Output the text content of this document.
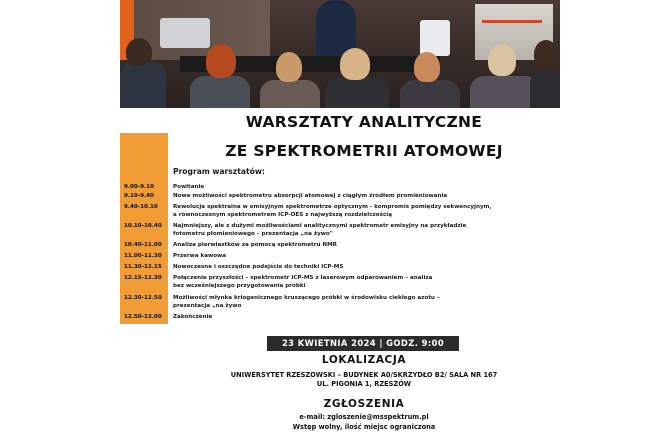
WARSZTATY ANALITYCZNE
ZE SPEKTROMETRII ATOMOWEJ
Program warsztatów:
9.00-9.10	Powitanie
9.10-9.40	Nowe możliwości spektrometru absorpcji atomowej z ciągłym źródłem promieniowania
9.40-10.10	Rewolucja spektralna w emisyjnym spektrometrze optycznym - kompromis pomiędzy sekwencyjnym,
a równoczesnym spektrometrem ICP-OES z najwyższą rozdzielczością
10.10-10.40	Najmniejszy, ale z dużymi możliwościami analitycznymi spektrometr emisyjny na przykładzie
fotometru płomieniowego – prezentacja „na żywo"
10.40-11.00	Analiza pierwiastków za pomocą spektrometru NMR
11.00-11.30	Przerwa kawowa
11.30-12.15	Nowoczesne i oszczędne podejście do techniki ICP-MS
12.15-12.30	Połączenie przyszłości – spektrometr ICP-MS z laserowym odparowaniem – analiza
bez wcześniejszego przygotowania próbki
12.30-12.50	Możliwości młynka kriogenicznego kruszącego próbki w środowisku ciekłego azotu –
prezentacja „na żywo
12.50-13.00	Zakończenie
23 KWIETNIA 2024 | GODZ. 9:00
LOKALIZACJA
UNIWERSYTET RZESZOWSKI – BUDYNEK A0/SKRZYDŁO B2/ SALA NR 167
UL. PIGONIA 1, RZESZÓW
ZGŁOSZENIA
e-mail: zgloszenie@msspektrum.pl
Wstęp wolny, ilość miejsc ograniczona
